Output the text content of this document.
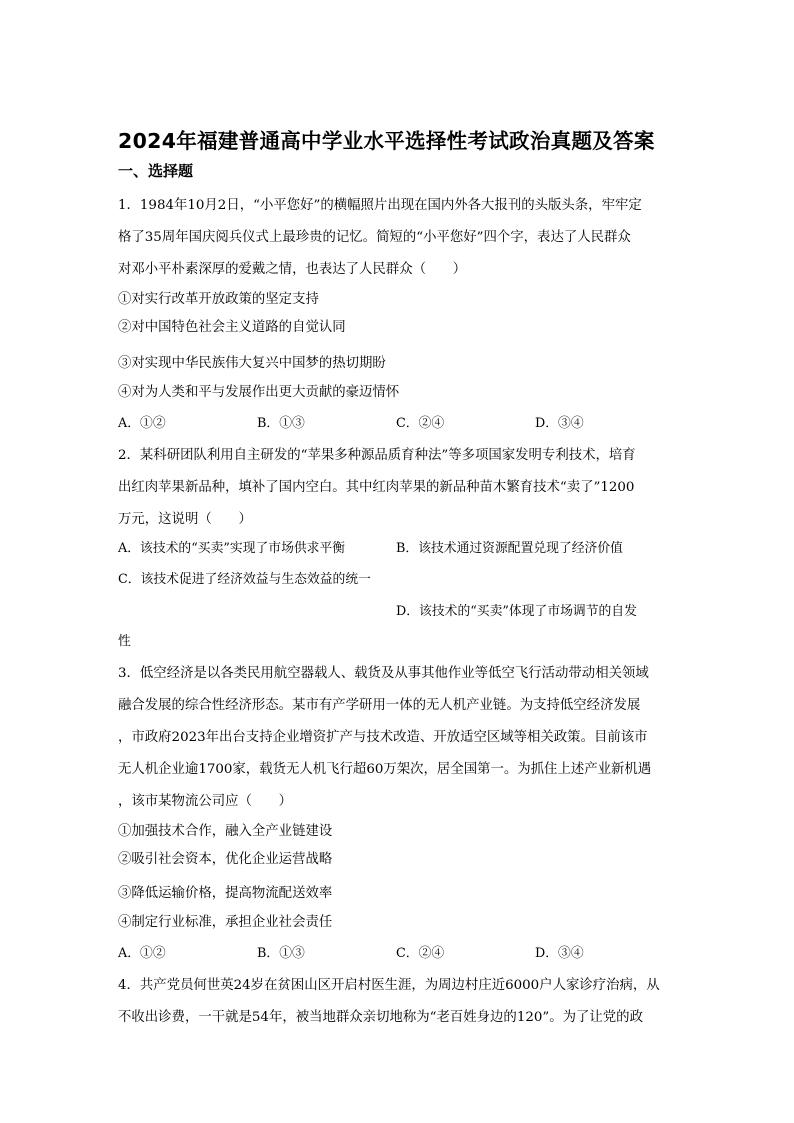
2024年福建普通高中学业水平选择性考试政治真题及答案
一、选择题
1．1984年10月2日，“小平您好”的横幅照片出现在国内外各大报刊的头版头条，牢牢定
格了35周年国庆阅兵仪式上最珍贵的记忆。简短的“小平您好”四个字，表达了人民群众
对邓小平朴素深厚的爱戴之情，也表达了人民群众（　　）
①对实行改革开放政策的坚定支持
②对中国特色社会主义道路的自觉认同
③对实现中华民族伟大复兴中国梦的热切期盼
④对为人类和平与发展作出更大贡献的豪迈情怀
A．①②	B．①③	C．②④	D．③④
2．某科研团队利用自主研发的“苹果多种源品质育种法”等多项国家发明专利技术，培育
出红肉苹果新品种，填补了国内空白。其中红肉苹果的新品种苗木繁育技术“卖了”1200
万元，这说明（　　）
A．该技术的“买卖”实现了市场供求平衡	B．该技术通过资源配置兑现了经济价值
C．该技术促进了经济效益与生态效益的统一
D．该技术的“买卖”体现了市场调节的自发
性
3．低空经济是以各类民用航空器载人、载货及从事其他作业等低空飞行活动带动相关领域
融合发展的综合性经济形态。某市有产学研用一体的无人机产业链。为支持低空经济发展
，市政府2023年出台支持企业增资扩产与技术改造、开放适空区域等相关政策。目前该市
无人机企业逾1700家，载货无人机飞行超60万架次，居全国第一。为抓住上述产业新机遇
，该市某物流公司应（　　）
①加强技术合作，融入全产业链建设
②吸引社会资本，优化企业运营战略
③降低运输价格，提高物流配送效率
④制定行业标准，承担企业社会责任
A．①②	B．①③	C．②④	D．③④
4．共产党员何世英24岁在贫困山区开启村医生涯，为周边村庄近6000户人家诊疗治病，从
不收出诊费，一干就是54年，被当地群众亲切地称为“老百姓身边的120”。为了让党的政
